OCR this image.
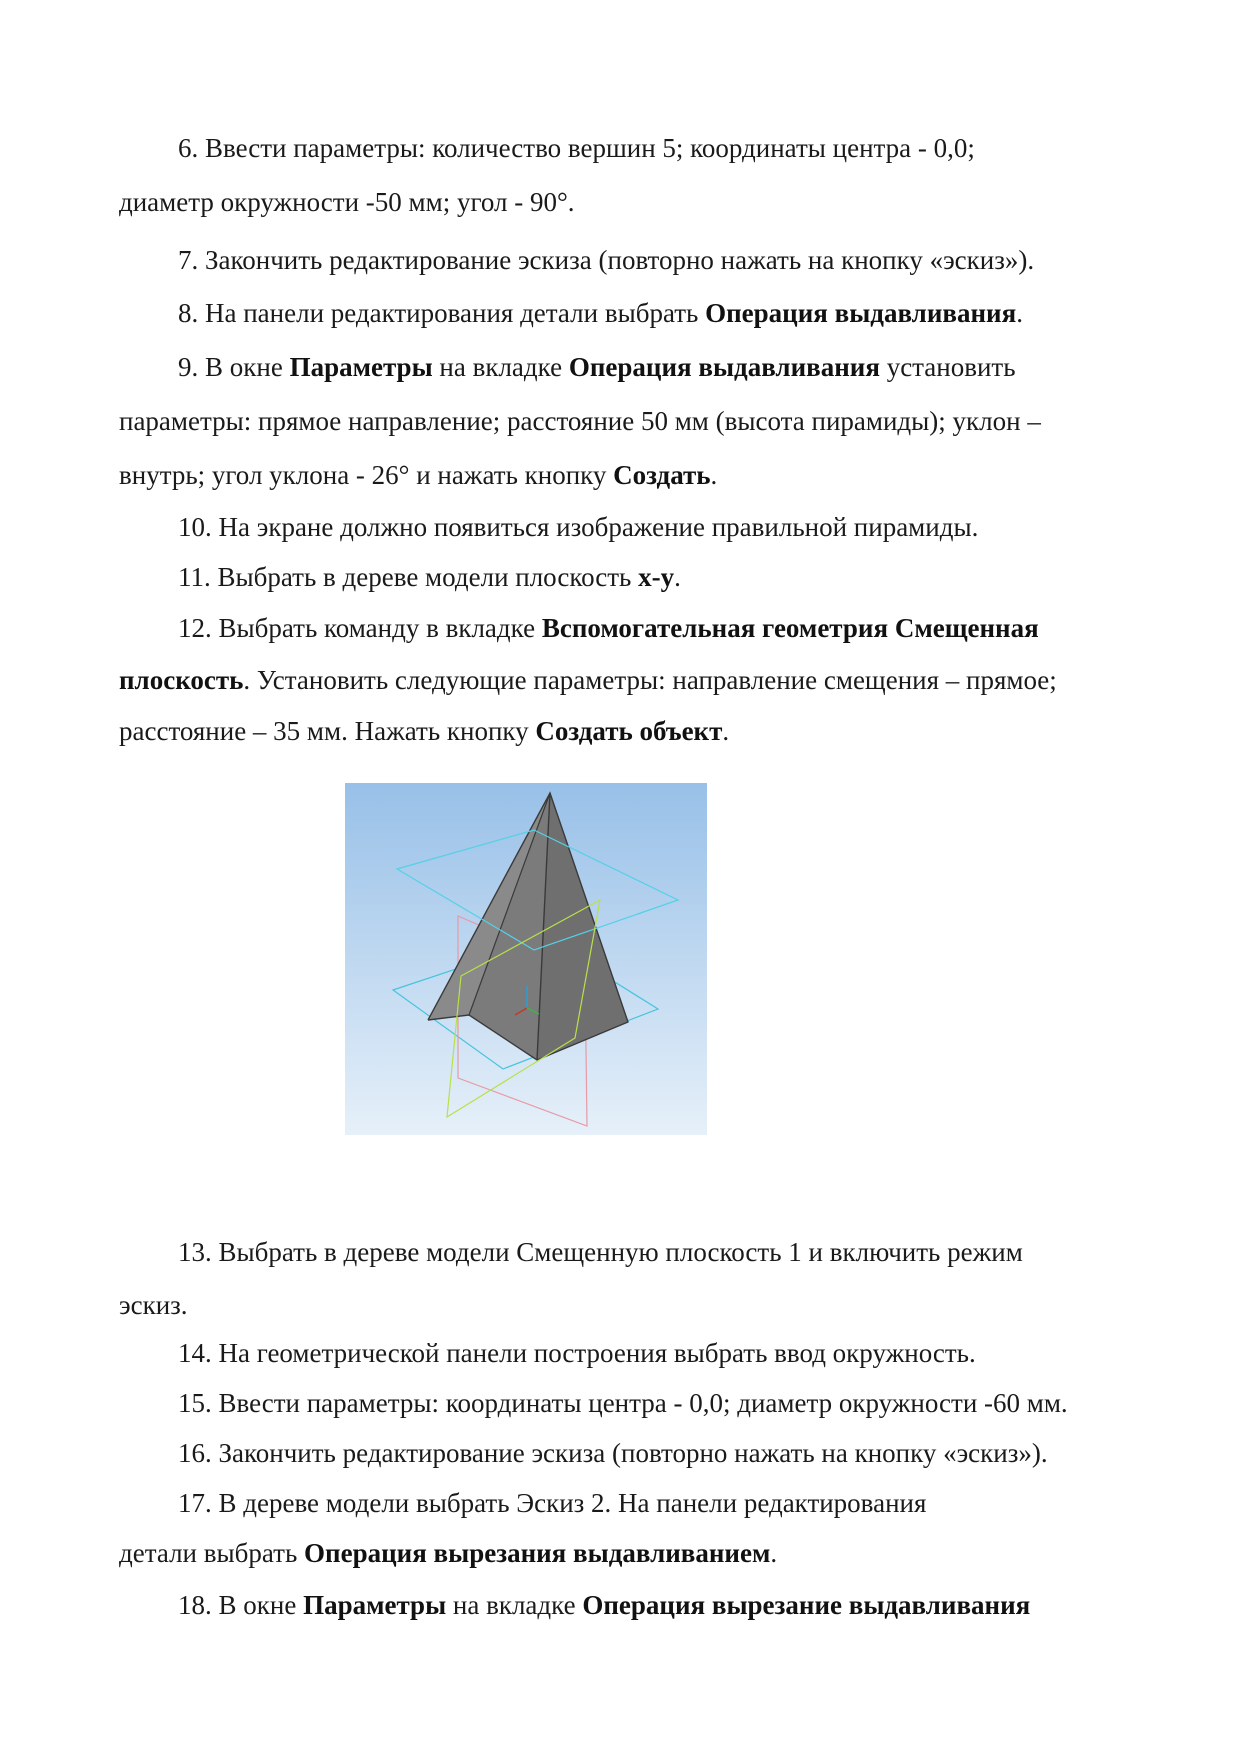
6. Ввести параметры: количество вершин 5; координаты центра - 0,0;
диаметр окружности -50 мм; угол - 90°.
7. Закончить редактирование эскиза (повторно нажать на кнопку «эскиз»).
8. На панели редактирования детали выбрать Операция выдавливания.
9. В окне Параметры на вкладке Операция выдавливания установить
параметры: прямое направление; расстояние 50 мм (высота пирамиды); уклон –
внутрь; угол уклона - 26° и нажать кнопку Создать.
10. На экране должно появиться изображение правильной пирамиды.
11. Выбрать в дереве модели плоскость х-у.
12. Выбрать команду в вкладке Вспомогательная геометрия Смещенная
плоскость. Установить следующие параметры: направление смещения – прямое;
расстояние – 35 мм. Нажать кнопку Создать объект.
13. Выбрать в дереве модели Смещенную плоскость 1 и включить режим
эскиз.
14. На геометрической панели построения выбрать ввод окружность.
15. Ввести параметры: координаты центра - 0,0; диаметр окружности -60 мм.
16. Закончить редактирование эскиза (повторно нажать на кнопку «эскиз»).
17. В дереве модели выбрать Эскиз 2. На панели редактирования
детали выбрать Операция вырезания выдавливанием.
18. В окне Параметры на вкладке Операция вырезание выдавливания
